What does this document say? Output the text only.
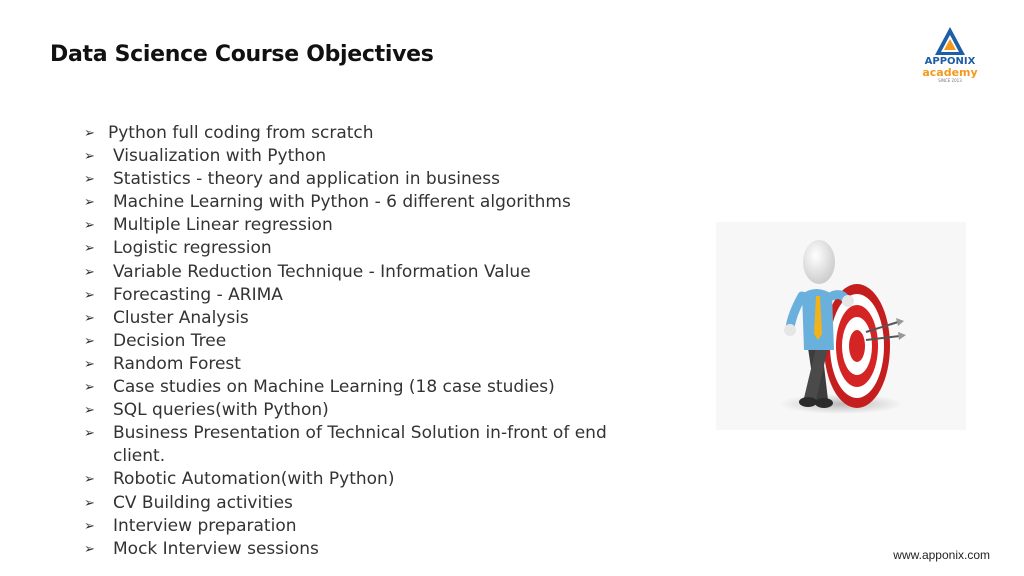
Data Science Course Objectives	APPONIX
academy
SINCE 2013
➢ Python full coding from scratch
➢ Visualization with Python
➢ Statistics - theory and application in business
➢ Machine Learning with Python - 6 different algorithms
➢ Multiple Linear regression
➢ Logistic regression
➢ Variable Reduction Technique - Information Value
➢ Forecasting - ARIMA
➢ Cluster Analysis
➢ Decision Tree
➢ Random Forest
➢ Case studies on Machine Learning (18 case studies)
➢ SQL queries(with Python)
➢ Business Presentation of Technical Solution in-front of end client.
➢ Robotic Automation(with Python)
➢ CV Building activities
➢ Interview preparation
➢ Mock Interview sessions	www.apponix.com
